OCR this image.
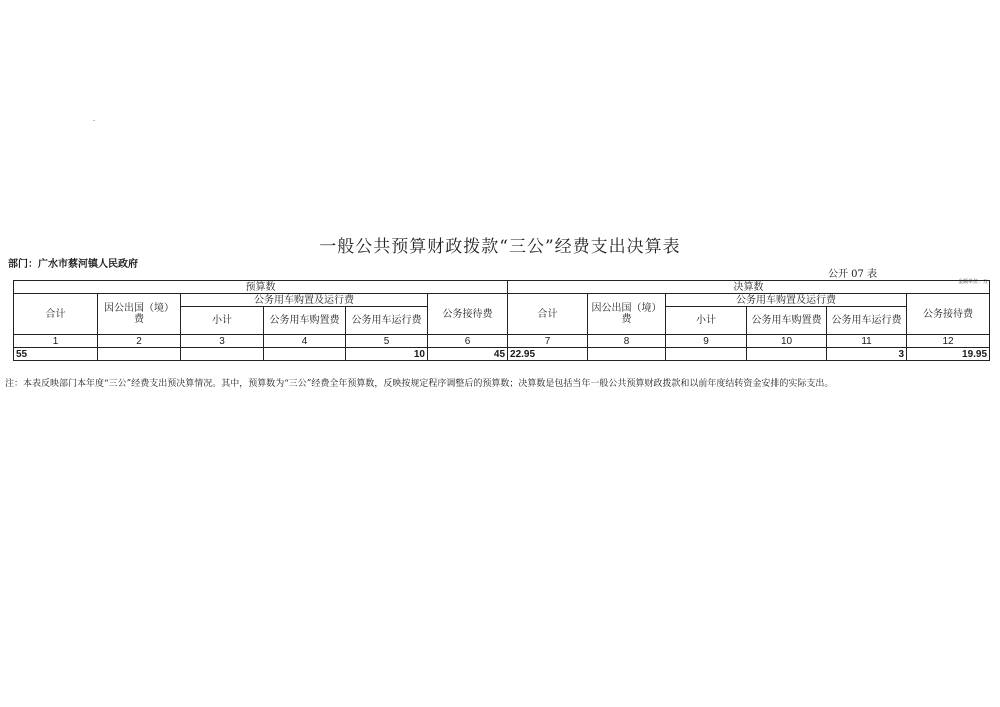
一般公共预算财政拨款“三公”经费支出决算表
部门：广水市蔡河镇人民政府
公开 07 表
金额单位：万
预算数						决算数					
合计	因公出国（境）费	公务用车购置及运行费			公务接待费	合计	因公出国（境）费	公务用车购置及运行费			公务接待费
		小计	公务用车购置费	公务用车运行费				小计	公务用车购置费	公务用车运行费	
1	2	3	4	5	6	7	8	9	10	11	12
55				10	45	22.95				3	19.95
注：本表反映部门本年度“三公”经费支出预决算情况。其中，预算数为“三公”经费全年预算数，反映按规定程序调整后的预算数；决算数是包括当年一般公共预算财政拨款和以前年度结转资金安排的实际支出。
